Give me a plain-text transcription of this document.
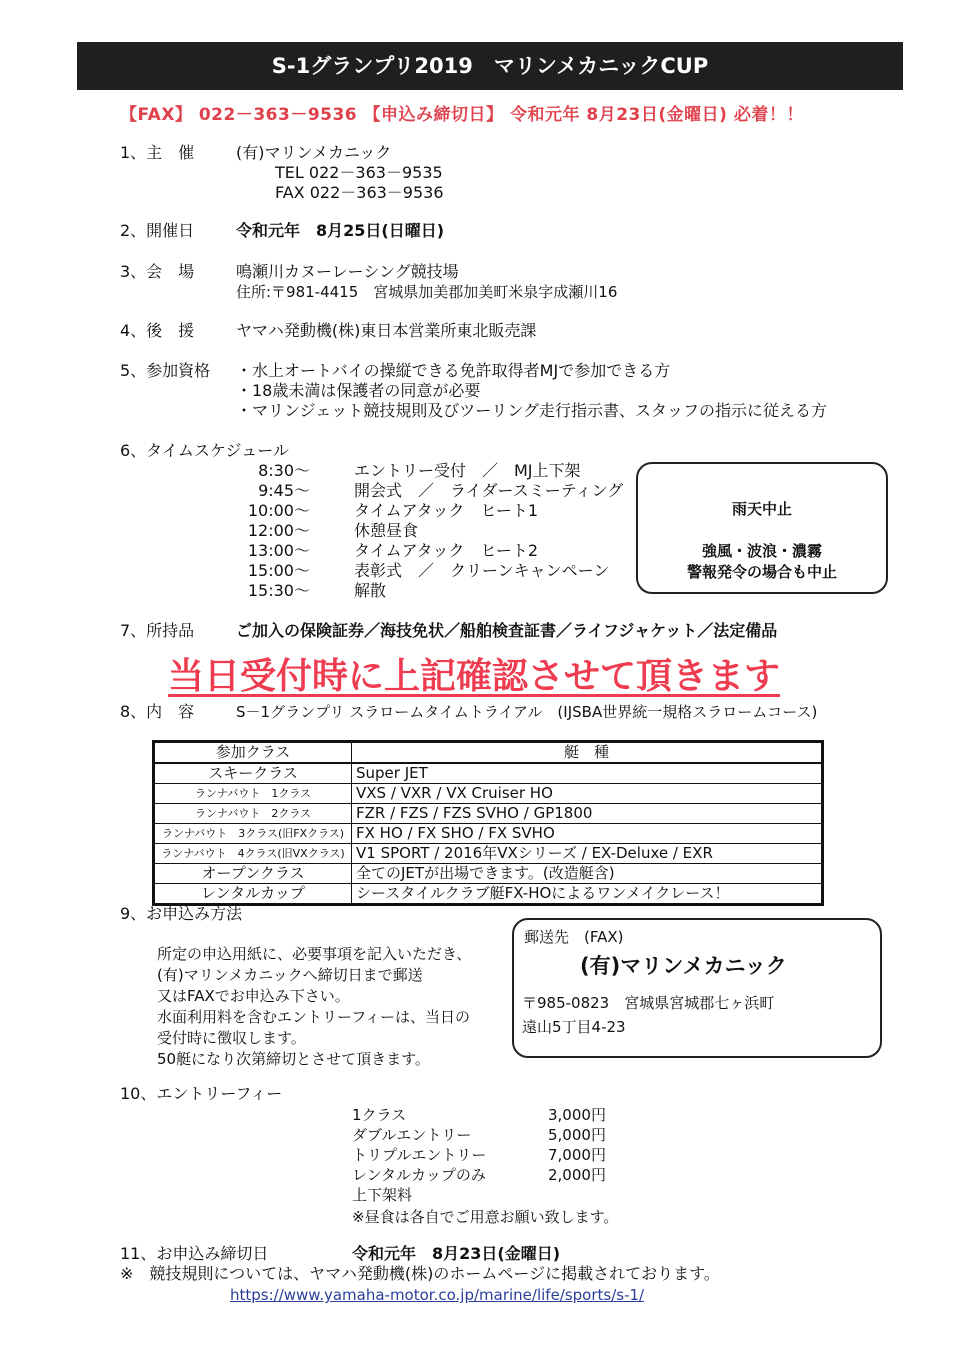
S-1グランプリ2019　マリンメカニックCUP
【FAX】 022－363－9536 【申込み締切日】 令和元年 8月23日(金曜日) 必着！！
1、主　催	(有)マリンメカニック
TEL 022－363－9535
FAX 022－363－9536
2、開催日	令和元年　8月25日(日曜日)
3、会　場	鳴瀬川カヌーレーシング競技場
住所:〒981-4415　宮城県加美郡加美町米泉字成瀬川16
4、後　援	ヤマハ発動機(株)東日本営業所東北販売課
5、参加資格 ・水上オートバイの操縦できる免許取得者MJで参加できる方
・18歳未満は保護者の同意が必要
・マリンジェット競技規則及びツーリング走行指示書、スタッフの指示に従える方
6、タイムスケジュール
8:30～	エントリー受付　／　MJ上下架
9:45～	開会式　／　ライダースミーティング
10:00～	タイムアタック　ヒート1
12:00～	休憩昼食
13:00～	タイムアタック　ヒート2
15:00～	表彰式　／　クリーンキャンペーン
15:30～	解散
雨天中止
強風・波浪・濃霧
警報発令の場合も中止
7、所持品	ご加入の保険証券／海技免状／船舶検査証書／ライフジャケット／法定備品
当日受付時に上記確認させて頂きます
8、内　容	S－1グランプリ スラロームタイムトライアル　(IJSBA世界統一規格スラロームコース)
参加クラス	艇　種
スキークラス	Super JET
ランナバウト　1クラス	VXS / VXR / VX Cruiser HO
ランナバウト　2クラス	FZR / FZS / FZS SVHO / GP1800
ランナバウト　3クラス(旧FXクラス)	FX HO / FX SHO / FX SVHO
ランナバウト　4クラス(旧VXクラス)	V1 SPORT / 2016年VXシリーズ / EX-Deluxe / EXR
オープンクラス	全てのJETが出場できます。(改造艇含)
レンタルカップ	シースタイルクラブ艇FX-HOによるワンメイクレース！
9、お申込み方法
所定の申込用紙に、必要事項を記入いただき、
(有)マリンメカニックへ締切日まで郵送
又はFAXでお申込み下さい。
水面利用料を含むエントリーフィーは、当日の
受付時に徴収します。
50艇になり次第締切とさせて頂きます。
郵送先　(FAX)
(有)マリンメカニック
〒985-0823　宮城県宮城郡七ヶ浜町
遠山5丁目4-23
10、エントリーフィー
1クラス	3,000円
ダブルエントリー	5,000円
トリプルエントリー	7,000円
レンタルカップのみ	2,000円
上下架料
※昼食は各自でご用意お願い致します。
11、お申込み締切日	令和元年　8月23日(金曜日)
※　競技規則については、ヤマハ発動機(株)のホームページに掲載されております。
https://www.yamaha-motor.co.jp/marine/life/sports/s-1/
